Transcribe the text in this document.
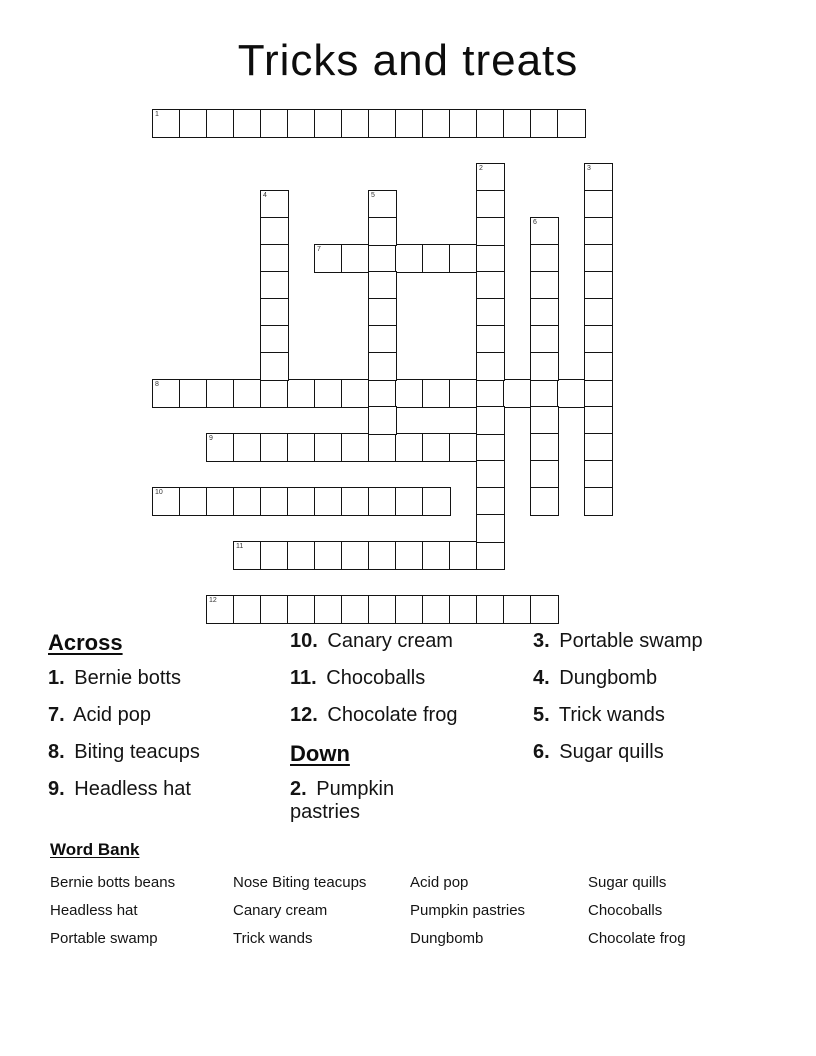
Tricks and treats
1
7
8
9
10
11
12
2	3
4	5
6
Across
1. Bernie botts
7. Acid pop
8. Biting teacups
9. Headless hat
10. Canary cream
11. Chocoballs
12. Chocolate frog
Down
2. Pumpkin pastries
3. Portable swamp
4. Dungbomb
5. Trick wands
6. Sugar quills
Word Bank
Bernie botts beans
Headless hat
Portable swamp
Nose Biting teacups
Canary cream
Trick wands
Acid pop
Pumpkin pastries
Dungbomb
Sugar quills
Chocoballs
Chocolate frog
